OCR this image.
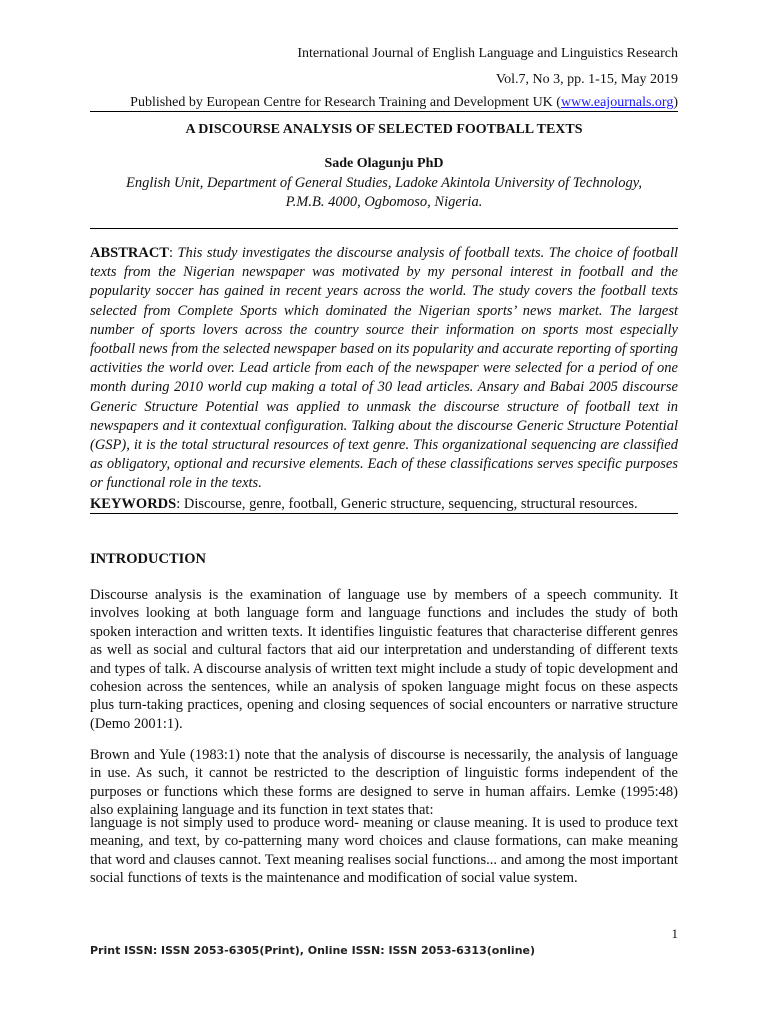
International Journal of English Language and Linguistics Research
Vol.7, No 3, pp. 1-15, May 2019
Published by European Centre for Research Training and Development UK (www.eajournals.org)
A DISCOURSE ANALYSIS OF SELECTED FOOTBALL TEXTS
Sade Olagunju PhD
English Unit, Department of General Studies, Ladoke Akintola University of Technology,
P.M.B. 4000, Ogbomoso, Nigeria.
ABSTRACT: This study investigates the discourse analysis of football texts. The choice of football texts from the Nigerian newspaper was motivated by my personal interest in football and the popularity soccer has gained in recent years across the world. The study covers the football texts selected from Complete Sports which dominated the Nigerian sports’ news market. The largest number of sports lovers across the country source their information on sports most especially football news from the selected newspaper based on its popularity and accurate reporting of sporting activities the world over. Lead article from each of the newspaper were selected for a period of one month during 2010 world cup making a total of 30 lead articles. Ansary and Babai 2005 discourse Generic Structure Potential was applied to unmask the discourse structure of football text in newspapers and it contextual configuration. Talking about the discourse Generic Structure Potential (GSP), it is the total structural resources of text genre. This organizational sequencing are classified as obligatory, optional and recursive elements. Each of these classifications serves specific purposes or functional role in the texts.
KEYWORDS: Discourse, genre, football, Generic structure, sequencing, structural resources.
INTRODUCTION

Discourse analysis is the examination of language use by members of a speech community. It involves looking at both language form and language functions and includes the study of both spoken interaction and written texts. It identifies linguistic features that characterise different genres as well as social and cultural factors that aid our interpretation and understanding of different texts and types of talk. A discourse analysis of written text might include a study of topic development and cohesion across the sentences, while an analysis of spoken language might focus on these aspects plus turn-taking practices, opening and closing sequences of social encounters or narrative structure (Demo 2001:1).

Brown and Yule (1983:1) note that the analysis of discourse is necessarily, the analysis of language in use. As such, it cannot be restricted to the description of linguistic forms independent of the purposes or functions which these forms are designed to serve in human affairs. Lemke (1995:48) also explaining language and its function in text states that:

language is not simply used to produce word- meaning or clause meaning. It is used to produce text meaning, and text, by co-patterning many word choices and clause formations, can make meaning that word and clauses cannot. Text meaning realises social functions... and among the most important social functions of texts is the maintenance and modification of social value system.

1
Print ISSN: ISSN 2053-6305(Print), Online ISSN: ISSN 2053-6313(online)
